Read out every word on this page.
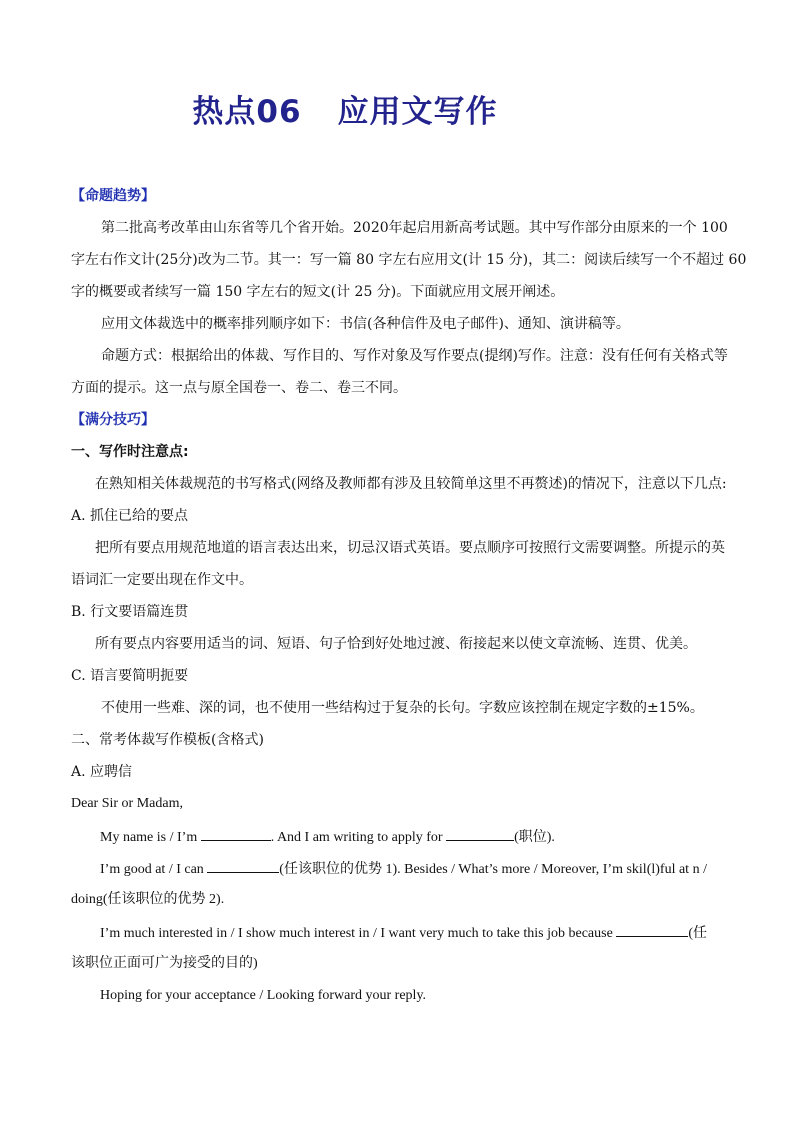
热点06 应用文写作
【命题趋势】
第二批高考改革由山东省等几个省开始。2020年起启用新高考试题。其中写作部分由原来的一个 100
字左右作文计(25分)改为二节。其一：写一篇 80 字左右应用文(计 15 分)，其二：阅读后续写一个不超过 60
字的概要或者续写一篇 150 字左右的短文(计 25 分)。下面就应用文展开阐述。
应用文体裁选中的概率排列顺序如下：书信(各种信件及电子邮件)、通知、演讲稿等。
命题方式：根据给出的体裁、写作目的、写作对象及写作要点(提纲)写作。注意：没有任何有关格式等
方面的提示。这一点与原全国卷一、卷二、卷三不同。
【满分技巧】
一、写作时注意点:
在熟知相关体裁规范的书写格式(网络及教师都有涉及且较简单这里不再赘述)的情况下，注意以下几点:
A. 抓住已给的要点
把所有要点用规范地道的语言表达出来，切忌汉语式英语。要点顺序可按照行文需要调整。所提示的英
语词汇一定要出现在作文中。
B. 行文要语篇连贯
所有要点内容要用适当的词、短语、句子恰到好处地过渡、衔接起来以使文章流畅、连贯、优美。
C. 语言要简明扼要
不使用一些难、深的词，也不使用一些结构过于复杂的长句。字数应该控制在规定字数的±15%。
二、常考体裁写作模板(含格式)
A. 应聘信
Dear Sir or Madam,
My name is / I’m	. And I am writing to apply for	(职位).
I’m good at / I can	(任该职位的优势 1). Besides / What’s more / Moreover, I’m skil(l)ful at n /
doing(任该职位的优势 2).
I’m much interested in / I show much interest in / I want very much to take this job because	(任
该职位正面可广为接受的目的)
Hoping for your acceptance / Looking forward your reply.
